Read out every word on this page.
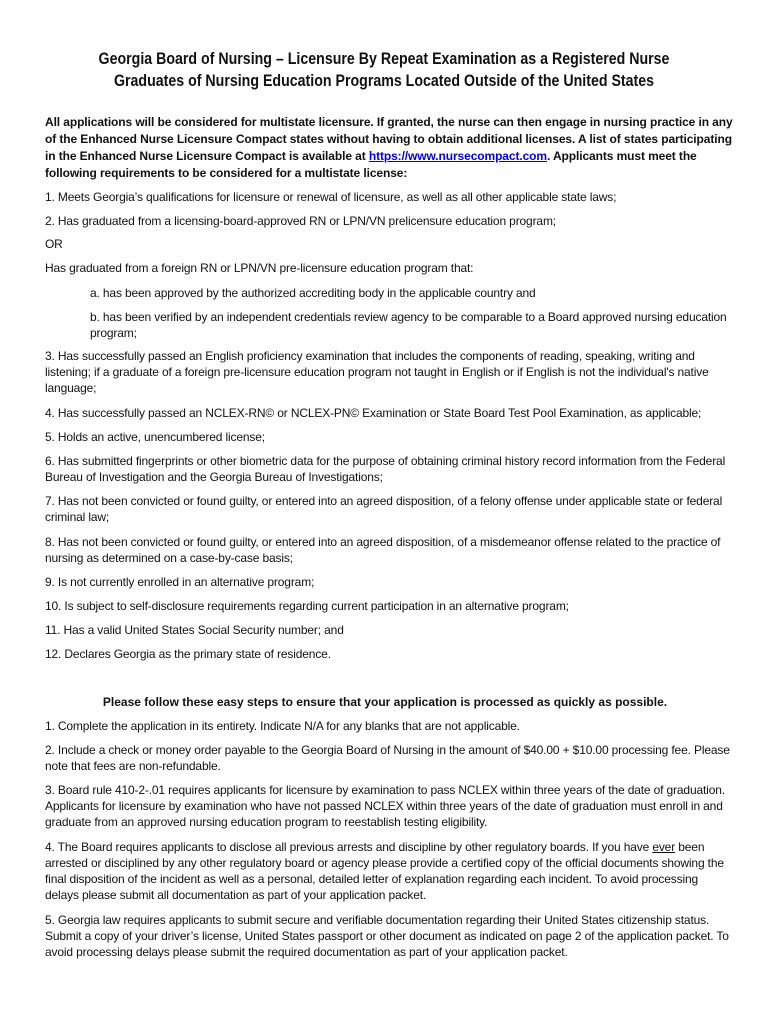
Georgia Board of Nursing – Licensure By Repeat Examination as a Registered Nurse
Graduates of Nursing Education Programs Located Outside of the United States
All applications will be considered for multistate licensure. If granted, the nurse can then engage in nursing practice in any of the Enhanced Nurse Licensure Compact states without having to obtain additional licenses. A list of states participating in the Enhanced Nurse Licensure Compact is available at https://www.nursecompact.com. Applicants must meet the following requirements to be considered for a multistate license:
1. Meets Georgia’s qualifications for licensure or renewal of licensure, as well as all other applicable state laws;
2. Has graduated from a licensing-board-approved RN or LPN/VN prelicensure education program;
OR
Has graduated from a foreign RN or LPN/VN pre-licensure education program that:
a. has been approved by the authorized accrediting body in the applicable country and
b. has been verified by an independent credentials review agency to be comparable to a Board approved nursing education program;
3. Has successfully passed an English proficiency examination that includes the components of reading, speaking, writing and listening; if a graduate of a foreign pre-licensure education program not taught in English or if English is not the individual's native language;
4. Has successfully passed an NCLEX-RN© or NCLEX-PN© Examination or State Board Test Pool Examination, as applicable;
5. Holds an active, unencumbered license;
6. Has submitted fingerprints or other biometric data for the purpose of obtaining criminal history record information from the Federal Bureau of Investigation and the Georgia Bureau of Investigations;
7. Has not been convicted or found guilty, or entered into an agreed disposition, of a felony offense under applicable state or federal criminal law;
8. Has not been convicted or found guilty, or entered into an agreed disposition, of a misdemeanor offense related to the practice of nursing as determined on a case-by-case basis;
9. Is not currently enrolled in an alternative program;
10. Is subject to self-disclosure requirements regarding current participation in an alternative program;
11. Has a valid United States Social Security number; and
12. Declares Georgia as the primary state of residence.
Please follow these easy steps to ensure that your application is processed as quickly as possible.
1. Complete the application in its entirety. Indicate N/A for any blanks that are not applicable.
2. Include a check or money order payable to the Georgia Board of Nursing in the amount of $40.00 + $10.00 processing fee. Please note that fees are non-refundable.
3. Board rule 410-2-.01 requires applicants for licensure by examination to pass NCLEX within three years of the date of graduation. Applicants for licensure by examination who have not passed NCLEX within three years of the date of graduation must enroll in and graduate from an approved nursing education program to reestablish testing eligibility.
4. The Board requires applicants to disclose all previous arrests and discipline by other regulatory boards. If you have ever been arrested or disciplined by any other regulatory board or agency please provide a certified copy of the official documents showing the final disposition of the incident as well as a personal, detailed letter of explanation regarding each incident. To avoid processing delays please submit all documentation as part of your application packet.
5. Georgia law requires applicants to submit secure and verifiable documentation regarding their United States citizenship status. Submit a copy of your driver’s license, United States passport or other document as indicated on page 2 of the application packet. To avoid processing delays please submit the required documentation as part of your application packet.
